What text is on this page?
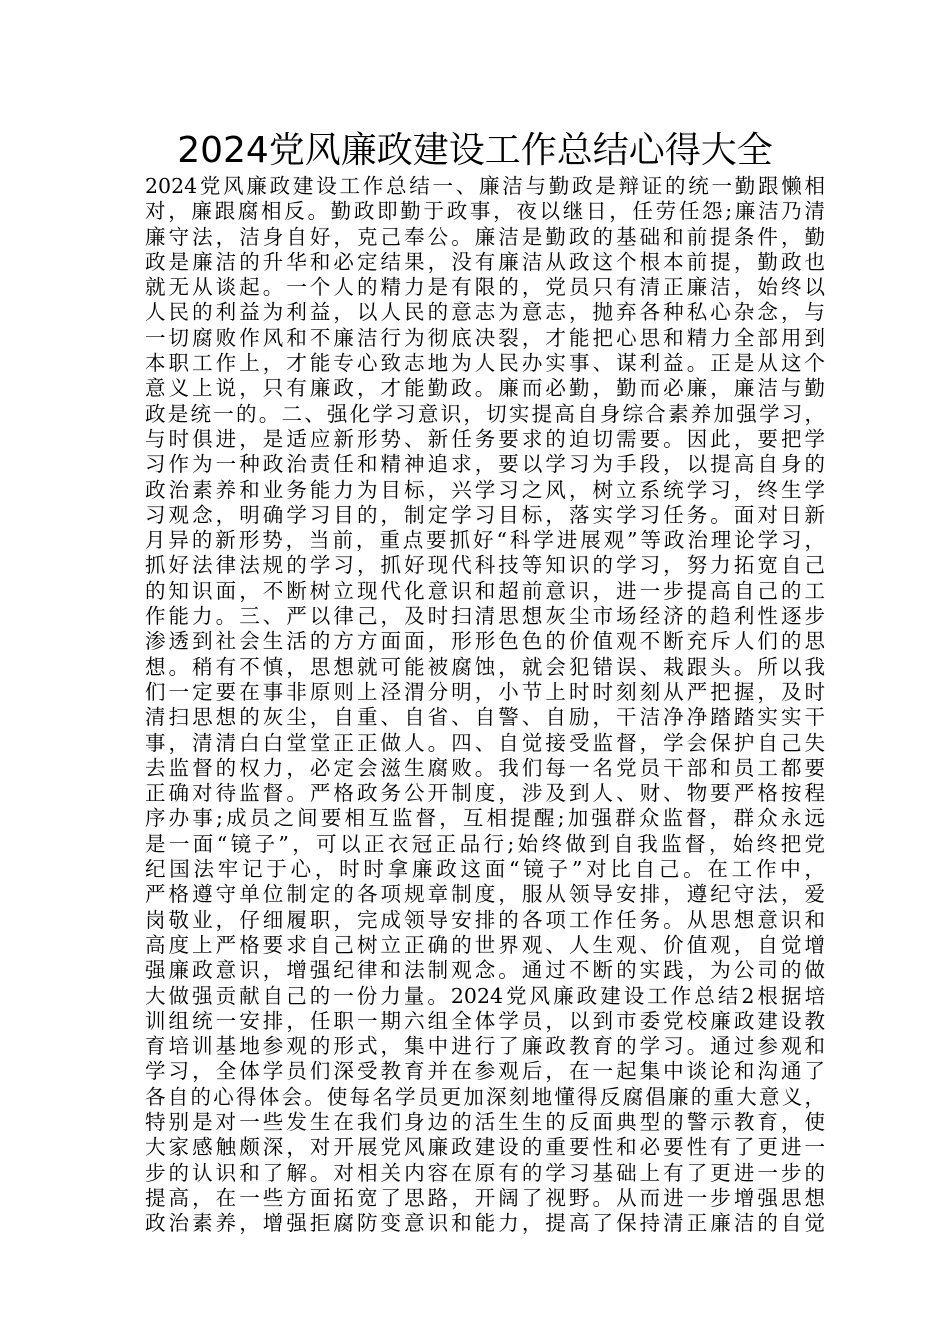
2024党风廉政建设工作总结心得大全
2024党风廉政建设工作总结一、廉洁与勤政是辩证的统一勤跟懒相
对，廉跟腐相反。勤政即勤于政事，夜以继日，任劳任怨;廉洁乃清
廉守法，洁身自好，克己奉公。廉洁是勤政的基础和前提条件，勤
政是廉洁的升华和必定结果，没有廉洁从政这个根本前提，勤政也
就无从谈起。一个人的精力是有限的，党员只有清正廉洁，始终以
人民的利益为利益，以人民的意志为意志，抛弃各种私心杂念，与
一切腐败作风和不廉洁行为彻底决裂，才能把心思和精力全部用到
本职工作上，才能专心致志地为人民办实事、谋利益。正是从这个
意义上说，只有廉政，才能勤政。廉而必勤，勤而必廉，廉洁与勤
政是统一的。二、强化学习意识，切实提高自身综合素养加强学习，
与时俱进，是适应新形势、新任务要求的迫切需要。因此，要把学
习作为一种政治责任和精神追求，要以学习为手段，以提高自身的
政治素养和业务能力为目标，兴学习之风，树立系统学习，终生学
习观念，明确学习目的，制定学习目标，落实学习任务。面对日新
月异的新形势，当前，重点要抓好“科学进展观”等政治理论学习，
抓好法律法规的学习，抓好现代科技等知识的学习，努力拓宽自己
的知识面，不断树立现代化意识和超前意识，进一步提高自己的工
作能力。三、严以律己，及时扫清思想灰尘市场经济的趋利性逐步
渗透到社会生活的方方面面，形形色色的价值观不断充斥人们的思
想。稍有不慎，思想就可能被腐蚀，就会犯错误、栽跟头。所以我
们一定要在事非原则上泾渭分明，小节上时时刻刻从严把握，及时
清扫思想的灰尘，自重、自省、自警、自励，干洁净净踏踏实实干
事，清清白白堂堂正正做人。四、自觉接受监督，学会保护自己失
去监督的权力，必定会滋生腐败。我们每一名党员干部和员工都要
正确对待监督。严格政务公开制度，涉及到人、财、物要严格按程
序办事;成员之间要相互监督，互相提醒;加强群众监督，群众永远
是一面“镜子”，可以正衣冠正品行;始终做到自我监督，始终把党
纪国法牢记于心，时时拿廉政这面“镜子”对比自己。在工作中，
严格遵守单位制定的各项规章制度，服从领导安排，遵纪守法，爱
岗敬业，仔细履职，完成领导安排的各项工作任务。从思想意识和
高度上严格要求自己树立正确的世界观、人生观、价值观，自觉增
强廉政意识，增强纪律和法制观念。通过不断的实践，为公司的做
大做强贡献自己的一份力量。2024党风廉政建设工作总结2根据培
训组统一安排，任职一期六组全体学员，以到市委党校廉政建设教
育培训基地参观的形式，集中进行了廉政教育的学习。通过参观和
学习，全体学员们深受教育并在参观后，在一起集中谈论和沟通了
各自的心得体会。使每名学员更加深刻地懂得反腐倡廉的重大意义，
特别是对一些发生在我们身边的活生生的反面典型的警示教育，使
大家感触颇深，对开展党风廉政建设的重要性和必要性有了更进一
步的认识和了解。对相关内容在原有的学习基础上有了更进一步的
提高，在一些方面拓宽了思路，开阔了视野。从而进一步增强思想
政治素养，增强拒腐防变意识和能力，提高了保持清正廉洁的自觉
